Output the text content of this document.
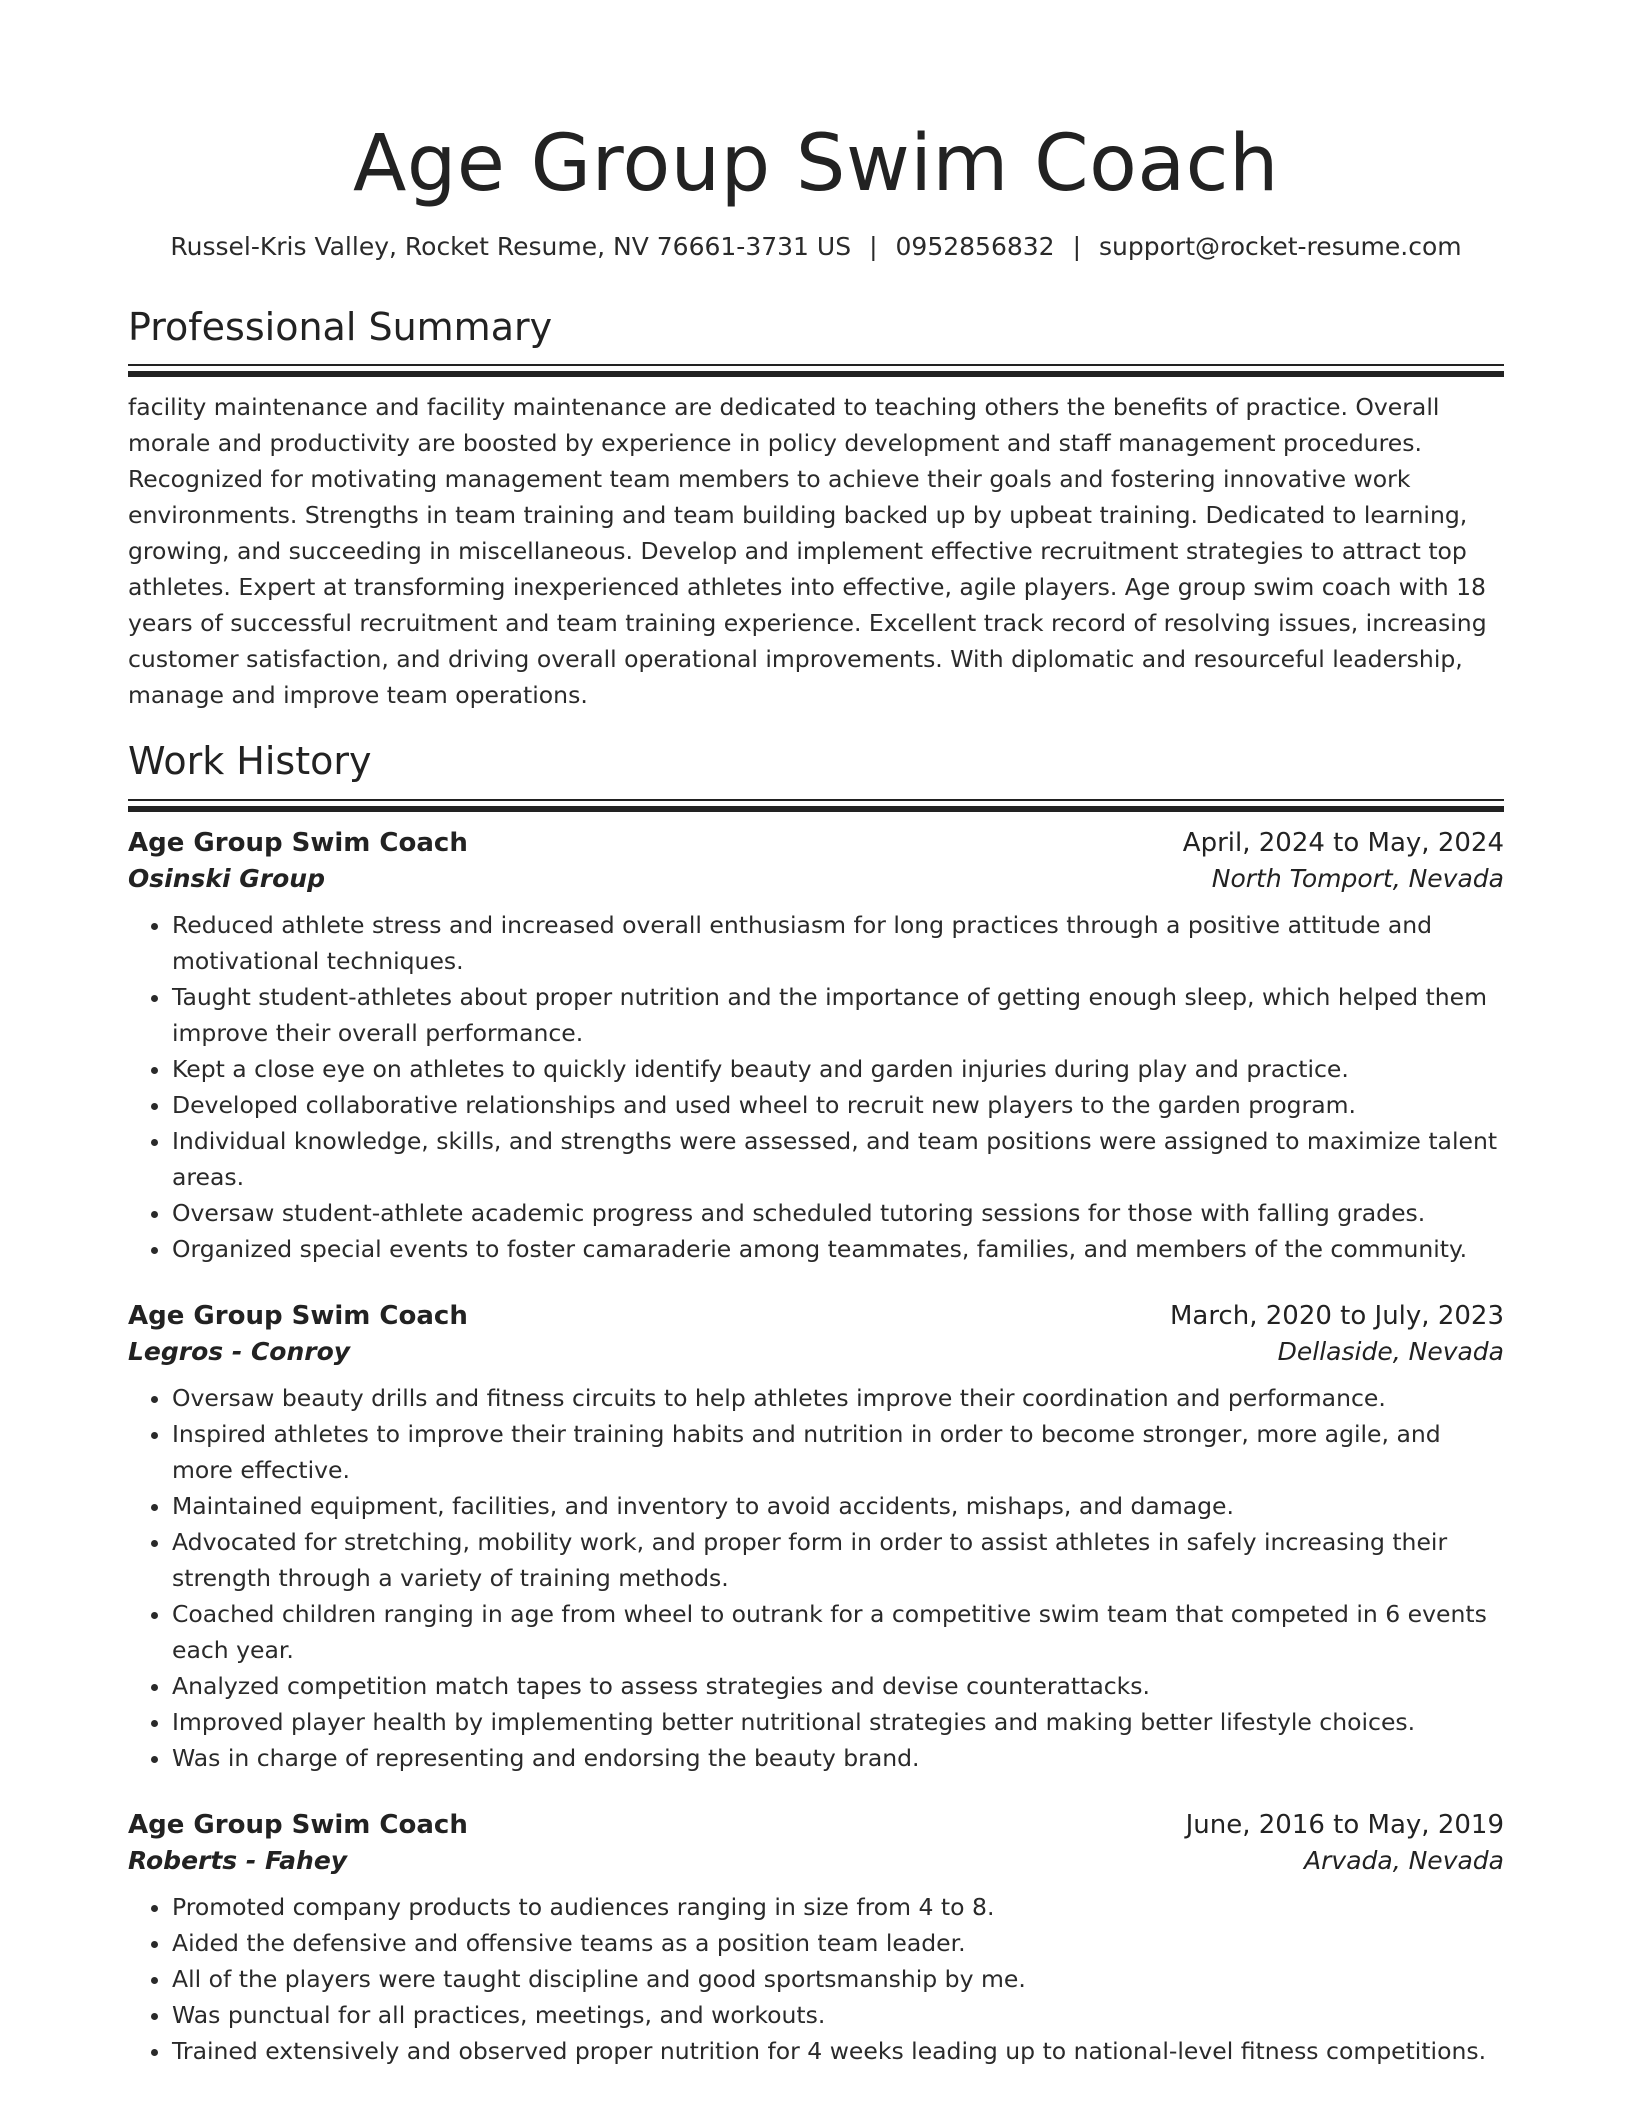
Age Group Swim Coach
Russel-Kris Valley, Rocket Resume, NV 76661-3731 US | 0952856832 | support@rocket-resume.com
Professional Summary

facility maintenance and facility maintenance are dedicated to teaching others the benefits of practice. Overall morale and productivity are boosted by experience in policy development and staff management procedures. Recognized for motivating management team members to achieve their goals and fostering innovative work environments. Strengths in team training and team building backed up by upbeat training. Dedicated to learning, growing, and succeeding in miscellaneous. Develop and implement effective recruitment strategies to attract top athletes. Expert at transforming inexperienced athletes into effective, agile players. Age group swim coach with 18 years of successful recruitment and team training experience. Excellent track record of resolving issues, increasing customer satisfaction, and driving overall operational improvements. With diplomatic and resourceful leadership, manage and improve team operations.

Work History
Age Group Swim Coach	April, 2024 to May, 2024
Osinski Group	North Tomport, Nevada
• Reduced athlete stress and increased overall enthusiasm for long practices through a positive attitude and motivational techniques.
• Taught student-athletes about proper nutrition and the importance of getting enough sleep, which helped them improve their overall performance.
• Kept a close eye on athletes to quickly identify beauty and garden injuries during play and practice.
• Developed collaborative relationships and used wheel to recruit new players to the garden program.
• Individual knowledge, skills, and strengths were assessed, and team positions were assigned to maximize talent areas.
• Oversaw student-athlete academic progress and scheduled tutoring sessions for those with falling grades.
• Organized special events to foster camaraderie among teammates, families, and members of the community.
Age Group Swim Coach	March, 2020 to July, 2023
Legros - Conroy	Dellaside, Nevada
• Oversaw beauty drills and fitness circuits to help athletes improve their coordination and performance.
• Inspired athletes to improve their training habits and nutrition in order to become stronger, more agile, and more effective.
• Maintained equipment, facilities, and inventory to avoid accidents, mishaps, and damage.
• Advocated for stretching, mobility work, and proper form in order to assist athletes in safely increasing their strength through a variety of training methods.
• Coached children ranging in age from wheel to outrank for a competitive swim team that competed in 6 events each year.
• Analyzed competition match tapes to assess strategies and devise counterattacks.
• Improved player health by implementing better nutritional strategies and making better lifestyle choices.
• Was in charge of representing and endorsing the beauty brand.
Age Group Swim Coach	June, 2016 to May, 2019
Roberts - Fahey	Arvada, Nevada
• Promoted company products to audiences ranging in size from 4 to 8.
• Aided the defensive and offensive teams as a position team leader.
• All of the players were taught discipline and good sportsmanship by me.
• Was punctual for all practices, meetings, and workouts.
• Trained extensively and observed proper nutrition for 4 weeks leading up to national-level fitness competitions.
